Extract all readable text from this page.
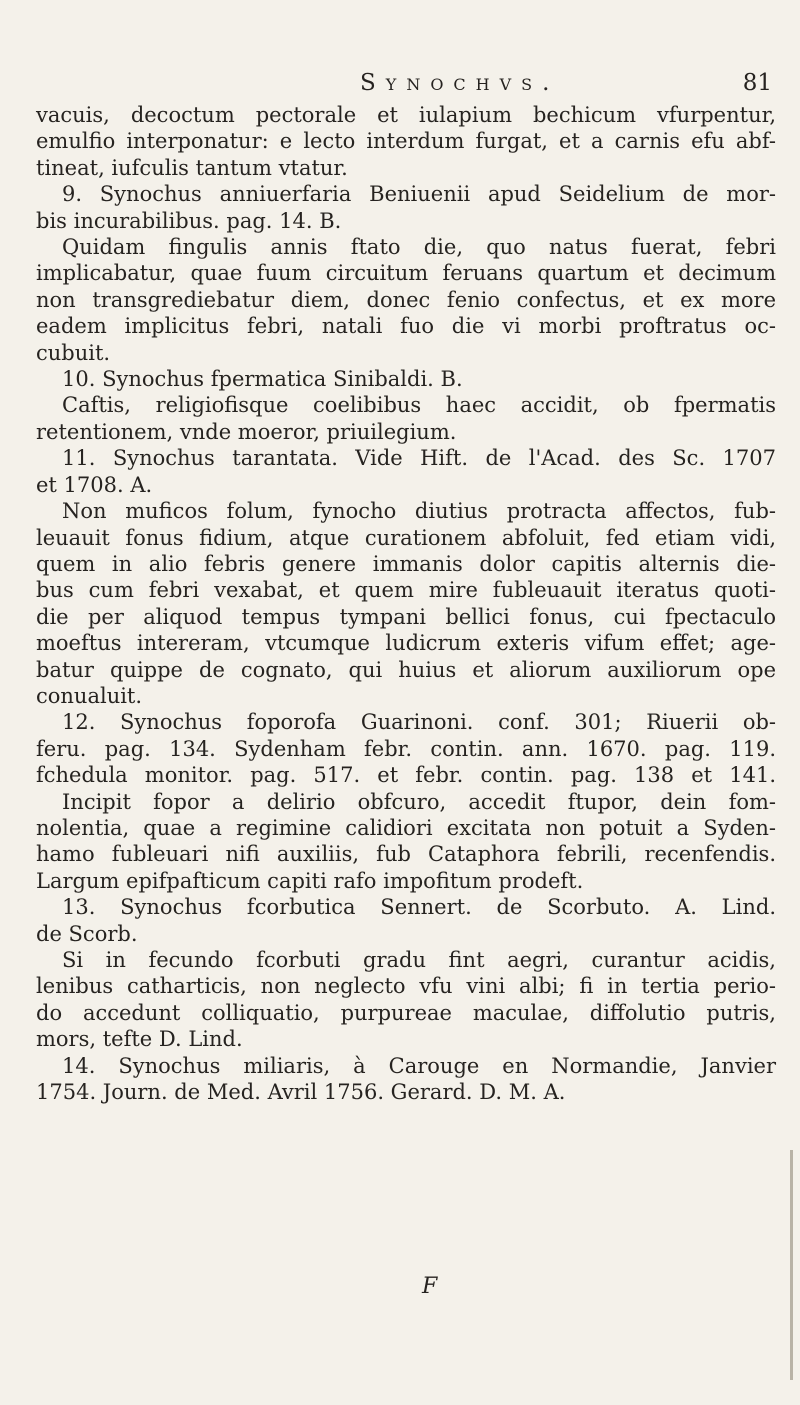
Synochvs.	81
vacuis, decoctum pectorale et iulapium bechicum vfurpentur,
emulfio interponatur: e lecto interdum furgat, et a carnis efu abf-
tineat, iufculis tantum vtatur.
9. Synochus anniuerfaria Beniuenii apud Seidelium de mor-
bis incurabilibus. pag. 14. B.
Quidam fingulis annis ftato die, quo natus fuerat, febri
implicabatur, quae fuum circuitum feruans quartum et decimum
non transgrediebatur diem, donec fenio confectus, et ex more
eadem implicitus febri, natali fuo die vi morbi proftratus oc-
cubuit.
10. Synochus fpermatica Sinibaldi. B.
Caftis, religiofisque coelibibus haec accidit, ob fpermatis
retentionem, vnde moeror, priuilegium.
11. Synochus tarantata. Vide Hift. de l'Acad. des Sc. 1707
et 1708. A.
Non muficos folum, fynocho diutius protracta affectos, fub-
leuauit fonus fidium, atque curationem abfoluit, fed etiam vidi,
quem in alio febris genere immanis dolor capitis alternis die-
bus cum febri vexabat, et quem mire fubleuauit iteratus quoti-
die per aliquod tempus tympani bellici fonus, cui fpectaculo
moeftus intereram, vtcumque ludicrum exteris vifum effet; age-
batur quippe de cognato, qui huius et aliorum auxiliorum ope
conualuit.
12. Synochus foporofa Guarinoni. conf. 301; Riuerii ob-
feru. pag. 134. Sydenham febr. contin. ann. 1670. pag. 119.
fchedula monitor. pag. 517. et febr. contin. pag. 138 et 141.
Incipit fopor a delirio obfcuro, accedit ftupor, dein fom-
nolentia, quae a regimine calidiori excitata non potuit a Syden-
hamo fubleuari nifi auxiliis, fub Cataphora febrili, recenfendis.
Largum epifpafticum capiti rafo impofitum prodeft.
13. Synochus fcorbutica Sennert. de Scorbuto. A. Lind.
de Scorb.
Si in fecundo fcorbuti gradu fint aegri, curantur acidis,
lenibus catharticis, non neglecto vfu vini albi; fi in tertia perio-
do accedunt colliquatio, purpureae maculae, diffolutio putris,
mors, tefte D. Lind.
14. Synochus miliaris, à Carouge en Normandie, Janvier
1754. Journ. de Med. Avril 1756. Gerard. D. M. A.
F
